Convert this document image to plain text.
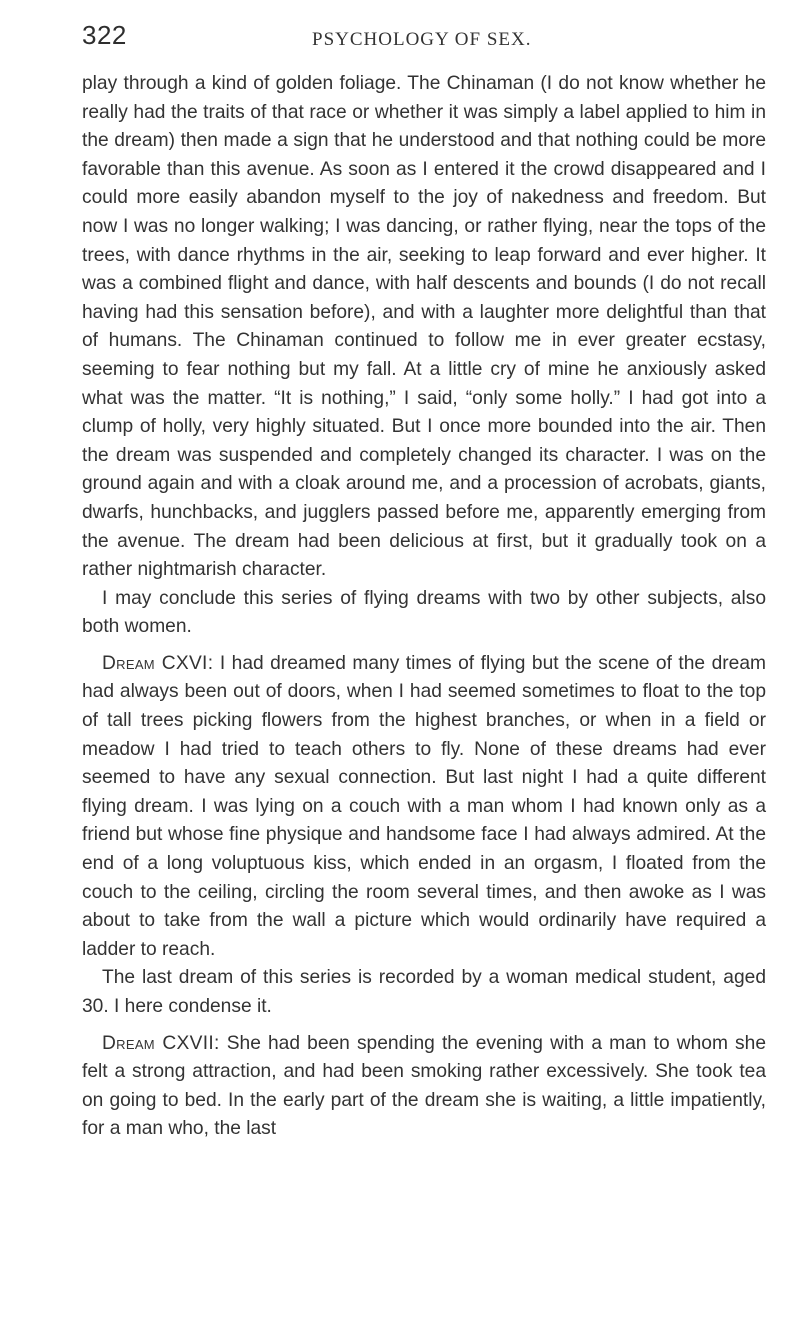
322	PSYCHOLOGY OF SEX.

play through a kind of golden foliage. The Chinaman (I do not know whether he really had the traits of that race or whether it was simply a label applied to him in the dream) then made a sign that he understood and that nothing could be more favorable than this avenue. As soon as I entered it the crowd disappeared and I could more easily abandon myself to the joy of nakedness and freedom. But now I was no longer walking; I was dancing, or rather flying, near the tops of the trees, with dance rhythms in the air, seeking to leap forward and ever higher. It was a combined flight and dance, with half descents and bounds (I do not recall having had this sensation before), and with a laughter more delightful than that of humans. The Chinaman continued to follow me in ever greater ecstasy, seeming to fear nothing but my fall. At a little cry of mine he anxiously asked what was the matter. “It is nothing,” I said, “only some holly.” I had got into a clump of holly, very highly situated. But I once more bounded into the air. Then the dream was suspended and completely changed its character. I was on the ground again and with a cloak around me, and a procession of acrobats, giants, dwarfs, hunchbacks, and jugglers passed before me, apparently emerging from the avenue. The dream had been delicious at first, but it gradually took on a rather nightmarish character.

I may conclude this series of flying dreams with two by other subjects, also both women.

Dream CXVI: I had dreamed many times of flying but the scene of the dream had always been out of doors, when I had seemed sometimes to float to the top of tall trees picking flowers from the highest branches, or when in a field or meadow I had tried to teach others to fly. None of these dreams had ever seemed to have any sexual connection. But last night I had a quite different flying dream. I was lying on a couch with a man whom I had known only as a friend but whose fine physique and handsome face I had always admired. At the end of a long voluptuous kiss, which ended in an orgasm, I floated from the couch to the ceiling, circling the room several times, and then awoke as I was about to take from the wall a picture which would ordinarily have required a ladder to reach.

The last dream of this series is recorded by a woman medical student, aged 30. I here condense it.

Dream CXVII: She had been spending the evening with a man to whom she felt a strong attraction, and had been smoking rather excessively. She took tea on going to bed. In the early part of the dream she is waiting, a little impatiently, for a man who, the last
